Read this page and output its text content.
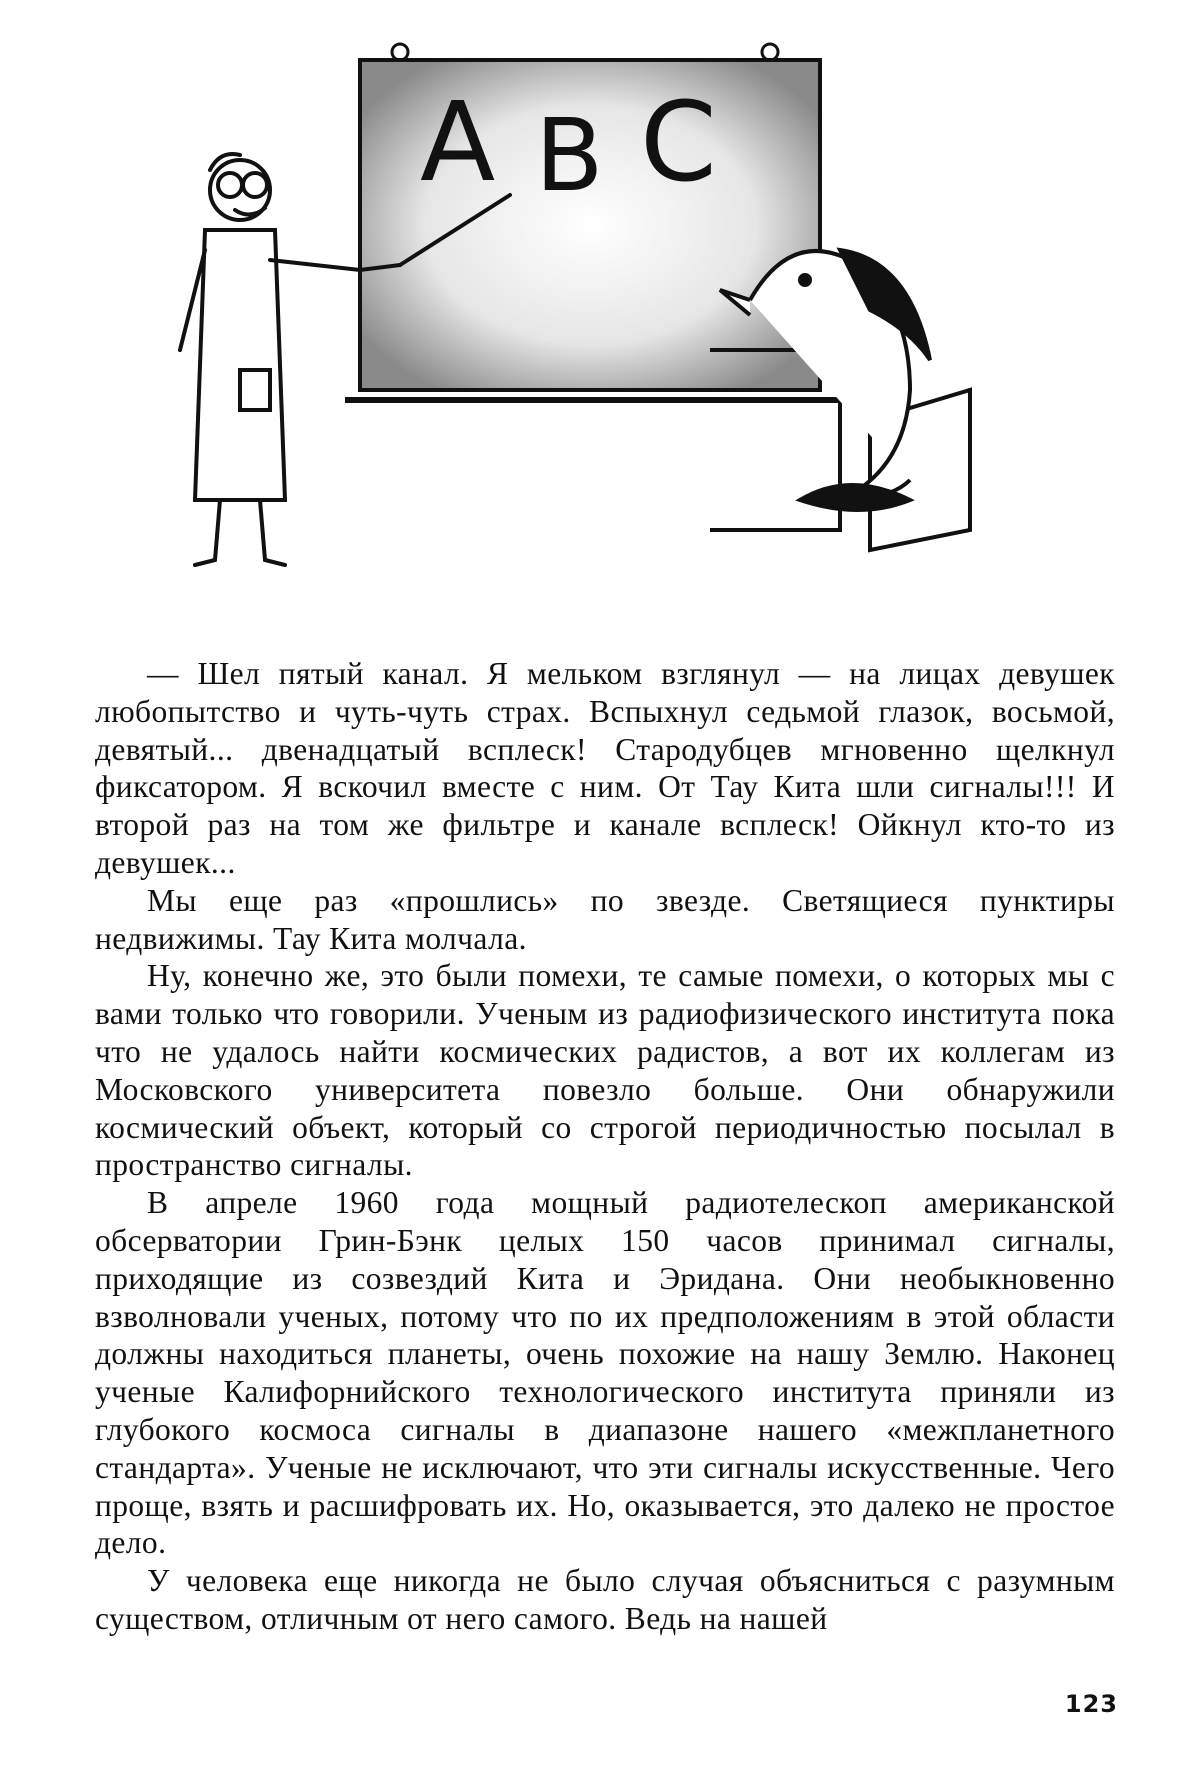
A B C

— Шел пятый канал. Я мельком взглянул — на лицах девушек любопытство и чуть-чуть страх. Вспыхнул седьмой глазок, восьмой, девятый... двенадцатый всплеск! Стародубцев мгновенно щелкнул фиксатором. Я вскочил вместе с ним. От Тау Кита шли сигналы!!! И второй раз на том же фильтре и канале всплеск! Ойкнул кто-то из девушек...

Мы еще раз «прошлись» по звезде. Светящиеся пунктиры недвижимы. Тау Кита молчала.

Ну, конечно же, это были помехи, те самые помехи, о которых мы с вами только что говорили. Ученым из радиофизического института пока что не удалось найти космических радистов, а вот их коллегам из Московского университета повезло больше. Они обнаружили космический объект, который со строгой периодичностью посылал в пространство сигналы.

В апреле 1960 года мощный радиотелескоп американской обсерватории Грин-Бэнк целых 150 часов принимал сигналы, приходящие из созвездий Кита и Эридана. Они необыкновенно взволновали ученых, потому что по их предположениям в этой области должны находиться планеты, очень похожие на нашу Землю. Наконец ученые Калифорнийского технологического института приняли из глубокого космоса сигналы в диапазоне нашего «межпланетного стандарта». Ученые не исключают, что эти сигналы искусственные. Чего проще, взять и расшифровать их. Но, оказывается, это далеко не простое дело.

У человека еще никогда не было случая объясниться с разумным существом, отличным от него самого. Ведь на нашей

123
